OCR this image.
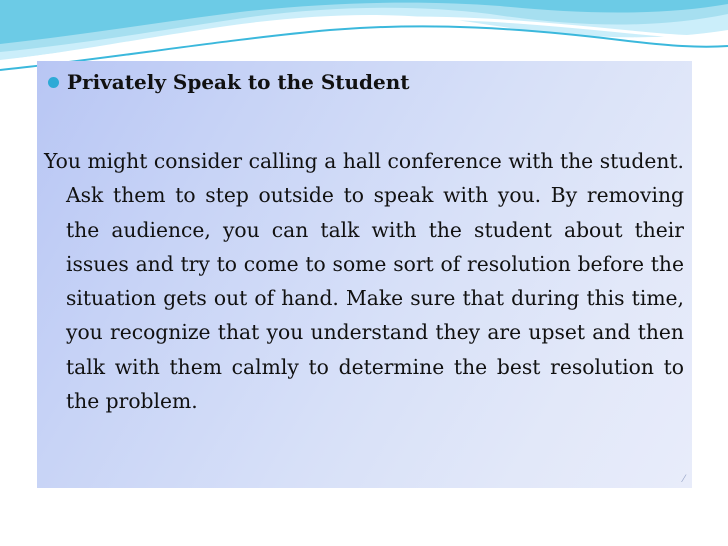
Privately Speak to the Student
You might consider calling a hall conference with the student. Ask them to step outside to speak with you. By removing the audience, you can talk with the student about their issues and try to come to some sort of resolution before the situation gets out of hand. Make sure that during this time, you recognize that you understand they are upset and then talk with them calmly to determine the best resolution to the problem.
⁄
